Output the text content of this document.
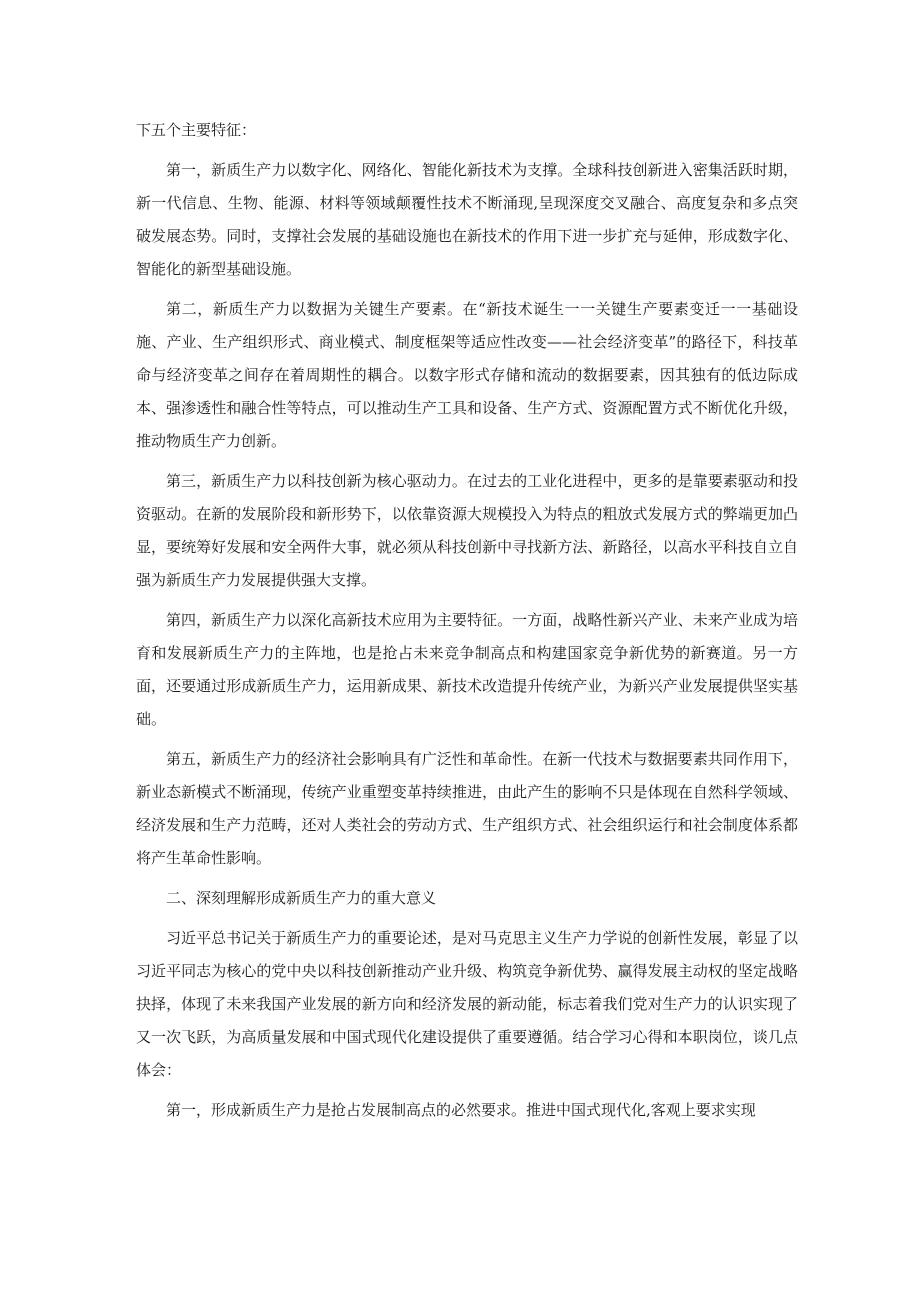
下五个主要特征：

第一，新质生产力以数字化、网络化、智能化新技术为支撑。全球科技创新进入密集活跃时期，新一代信息、生物、能源、材料等领域颠覆性技术不断涌现,呈现深度交叉融合、高度复杂和多点突破发展态势。同时，支撑社会发展的基础设施也在新技术的作用下进一步扩充与延伸，形成数字化、智能化的新型基础设施。

第二，新质生产力以数据为关键生产要素。在“新技术诞生一一关键生产要素变迁一一基础设施、产业、生产组织形式、商业模式、制度框架等适应性改变——社会经济变革”的路径下，科技革命与经济变革之间存在着周期性的耦合。以数字形式存储和流动的数据要素，因其独有的低边际成本、强渗透性和融合性等特点，可以推动生产工具和设备、生产方式、资源配置方式不断优化升级，推动物质生产力创新。

第三，新质生产力以科技创新为核心驱动力。在过去的工业化进程中，更多的是靠要素驱动和投资驱动。在新的发展阶段和新形势下，以依靠资源大规模投入为特点的粗放式发展方式的弊端更加凸显，要统筹好发展和安全两件大事，就必须从科技创新中寻找新方法、新路径，以高水平科技自立自强为新质生产力发展提供强大支撑。

第四，新质生产力以深化高新技术应用为主要特征。一方面，战略性新兴产业、未来产业成为培育和发展新质生产力的主阵地，也是抢占未来竞争制高点和构建国家竞争新优势的新赛道。另一方面，还要通过形成新质生产力，运用新成果、新技术改造提升传统产业，为新兴产业发展提供坚实基础。

第五，新质生产力的经济社会影响具有广泛性和革命性。在新一代技术与数据要素共同作用下，新业态新模式不断涌现，传统产业重塑变革持续推进，由此产生的影响不只是体现在自然科学领域、经济发展和生产力范畴，还对人类社会的劳动方式、生产组织方式、社会组织运行和社会制度体系都将产生革命性影响。

二、深刻理解形成新质生产力的重大意义

习近平总书记关于新质生产力的重要论述，是对马克思主义生产力学说的创新性发展，彰显了以习近平同志为核心的党中央以科技创新推动产业升级、构筑竞争新优势、赢得发展主动权的坚定战略抉择，体现了未来我国产业发展的新方向和经济发展的新动能，标志着我们党对生产力的认识实现了又一次飞跃，为高质量发展和中国式现代化建设提供了重要遵循。结合学习心得和本职岗位，谈几点体会：

第一，形成新质生产力是抢占发展制高点的必然要求。推进中国式现代化,客观上要求实现
